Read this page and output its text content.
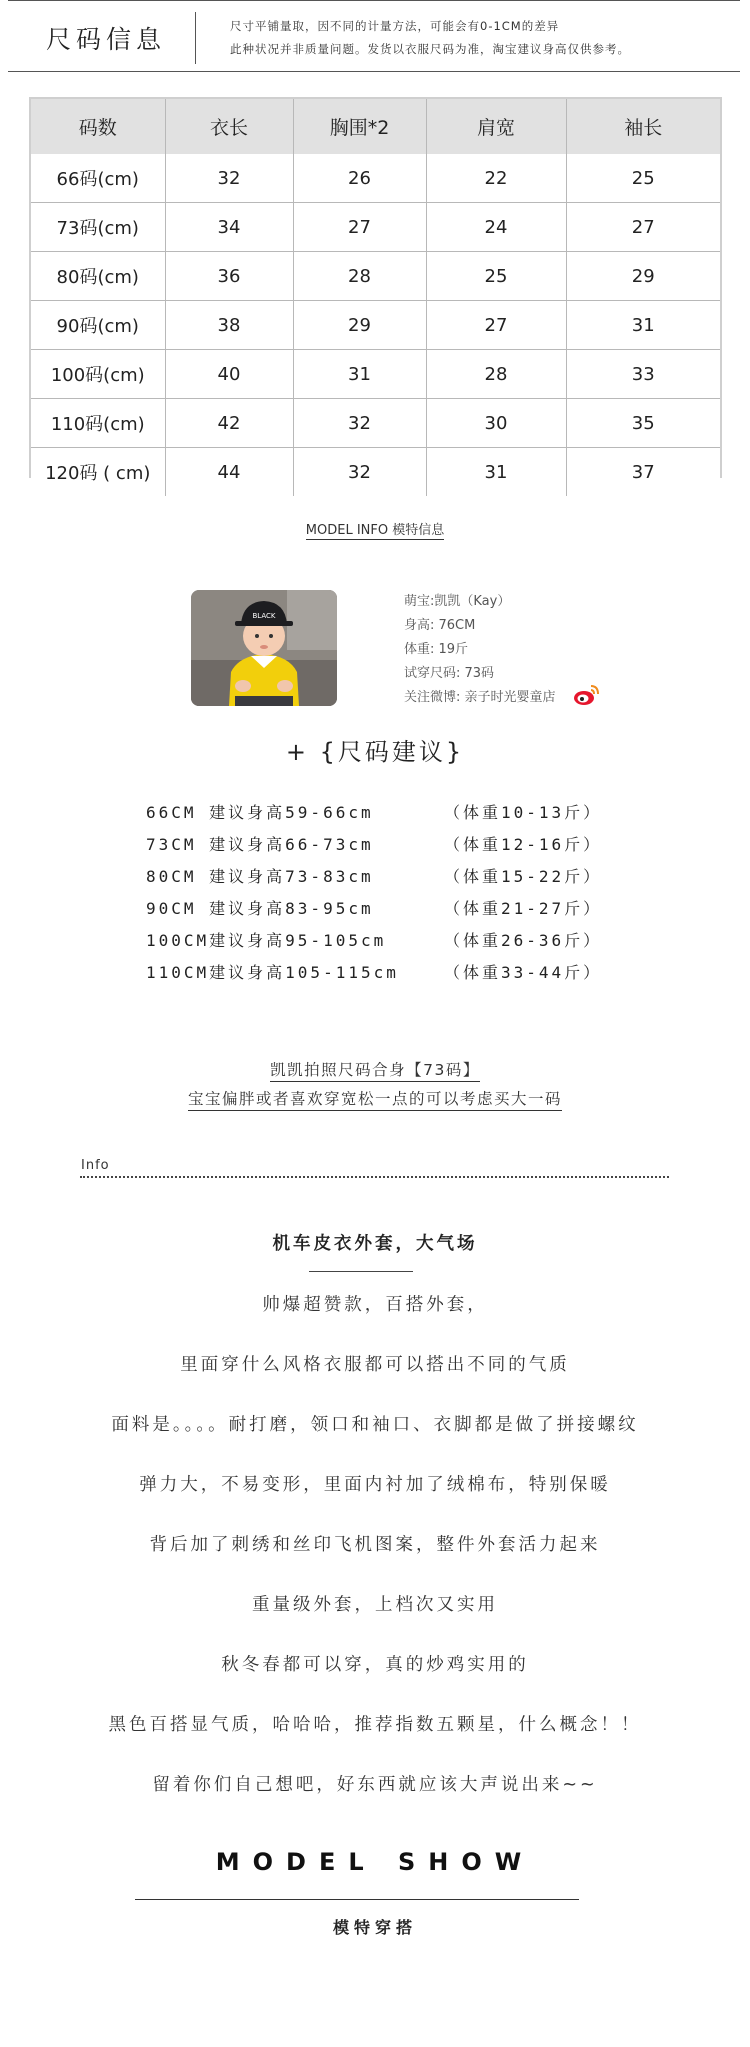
尺码信息	尺寸平铺量取，因不同的计量方法，可能会有0-1CM的差异
此种状况并非质量问题。发货以衣服尺码为准，淘宝建议身高仅供参考。
码数	衣长	胸围*2	肩宽	袖长
66码(cm)	32	26	22	25
73码(cm)	34	27	24	27
80码(cm)	36	28	25	29
90码(cm)	38	29	27	31
100码(cm)	40	31	28	33
110码(cm)	42	32	30	35
120码 ( cm)	44	32	31	37
MODEL INFO 模特信息
BLACK
萌宝:凯凯（Kay）
身高: 76CM
体重: 19斤
试穿尺码: 73码
关注微博: 亲子时光婴童店
+ {尺码建议}
66CM 建议身高59-66cm	（体重10-13斤）
73CM 建议身高66-73cm	（体重12-16斤）
80CM 建议身高73-83cm	（体重15-22斤）
90CM 建议身高83-95cm	（体重21-27斤）
100CM建议身高95-105cm	（体重26-36斤）
110CM建议身高105-115cm	（体重33-44斤）
凯凯拍照尺码合身【73码】
宝宝偏胖或者喜欢穿宽松一点的可以考虑买大一码
Info
机车皮衣外套，大气场
帅爆超赞款，百搭外套，
里面穿什么风格衣服都可以搭出不同的气质
面料是。。。。耐打磨，领口和袖口、衣脚都是做了拼接螺纹
弹力大，不易变形，里面内衬加了绒棉布，特别保暖
背后加了刺绣和丝印飞机图案，整件外套活力起来
重量级外套，上档次又实用
秋冬春都可以穿，真的炒鸡实用的
黑色百搭显气质，哈哈哈，推荐指数五颗星，什么概念！！
留着你们自己想吧，好东西就应该大声说出来~~
MODEL SHOW
模特穿搭
